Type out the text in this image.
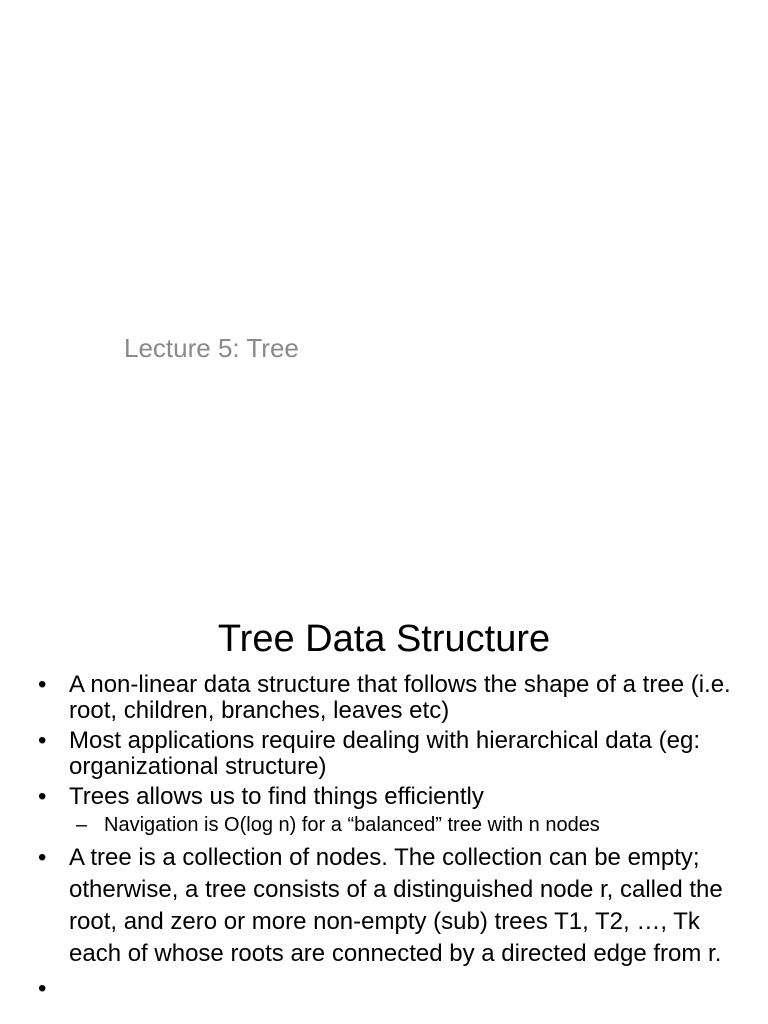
Lecture 5: Tree
Tree Data Structure
• A non-linear data structure that follows the shape of a tree (i.e. root, children, branches, leaves etc)
• Most applications require dealing with hierarchical data (eg: organizational structure)
• Trees allows us to find things efficiently
– Navigation is O(log n) for a “balanced” tree with n nodes
• A tree is a collection of nodes. The collection can be empty; otherwise, a tree consists of a distinguished node r, called the root, and zero or more non-empty (sub) trees T1, T2, …, Tk each of whose roots are connected by a directed edge from r.
•
